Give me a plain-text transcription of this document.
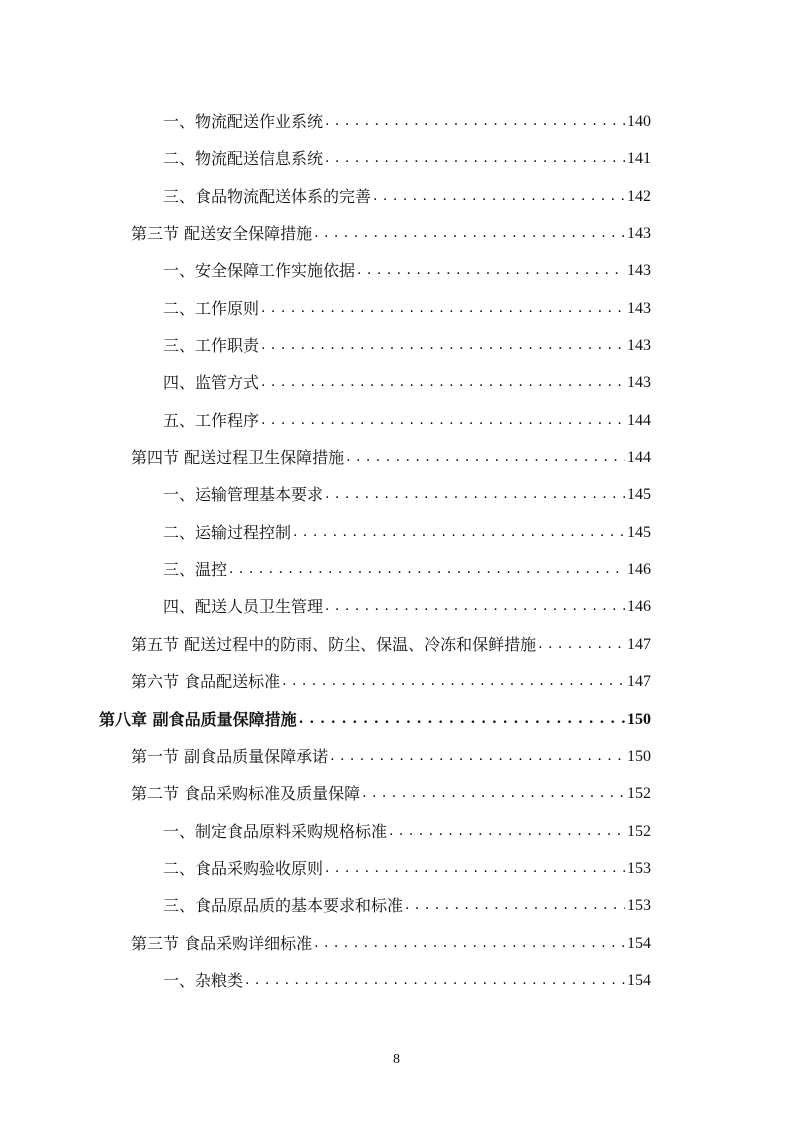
一、物流配送作业系统 . . .	140
二、物流配送信息系统 . . .	141
三、食品物流配送体系的完善 . . .	142
第三节 配送安全保障措施 . . .	143
一、安全保障工作实施依据 . . .	143
二、工作原则 . . .	143
三、工作职责 . . .	143
四、监管方式 . . .	143
五、工作程序 . . .	144
第四节 配送过程卫生保障措施 . . .	144
一、运输管理基本要求 . . .	145
二、运输过程控制 . . .	145
三、温控 . . .	146
四、配送人员卫生管理 . . .	146
第五节 配送过程中的防雨、防尘、保温、冷冻和保鲜措施 . . .	147
第六节 食品配送标准 . . .	147
第八章 副食品质量保障措施 . . .	150
第一节 副食品质量保障承诺 . . .	150
第二节 食品采购标准及质量保障 . . .	152
一、制定食品原料采购规格标准 . . .	152
二、食品采购验收原则 . . .	153
三、食品原品质的基本要求和标准 . . .	153
第三节 食品采购详细标准 . . .	154
一、杂粮类 . . .	154
8
